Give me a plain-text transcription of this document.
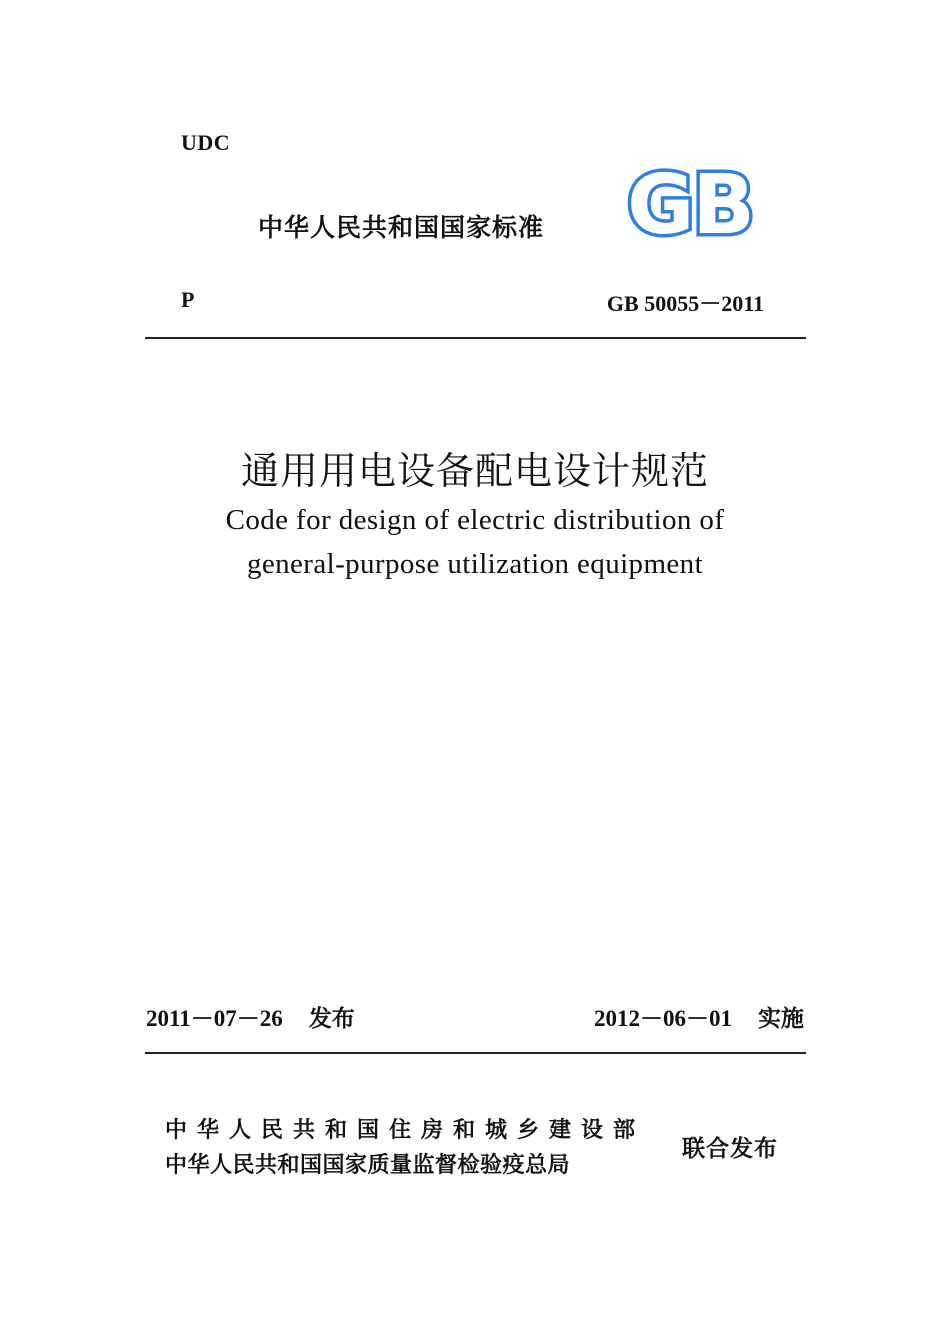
UDC
中华人民共和国国家标准 GB
P	GB 50055－2011
通用用电设备配电设计规范
Code for design of electric distribution of
general-purpose utilization equipment
2011－07－26 发布	2012－06－01 实施
中华人民共和国住房和城乡建设部
中华人民共和国国家质量监督检验疫总局
联合发布
